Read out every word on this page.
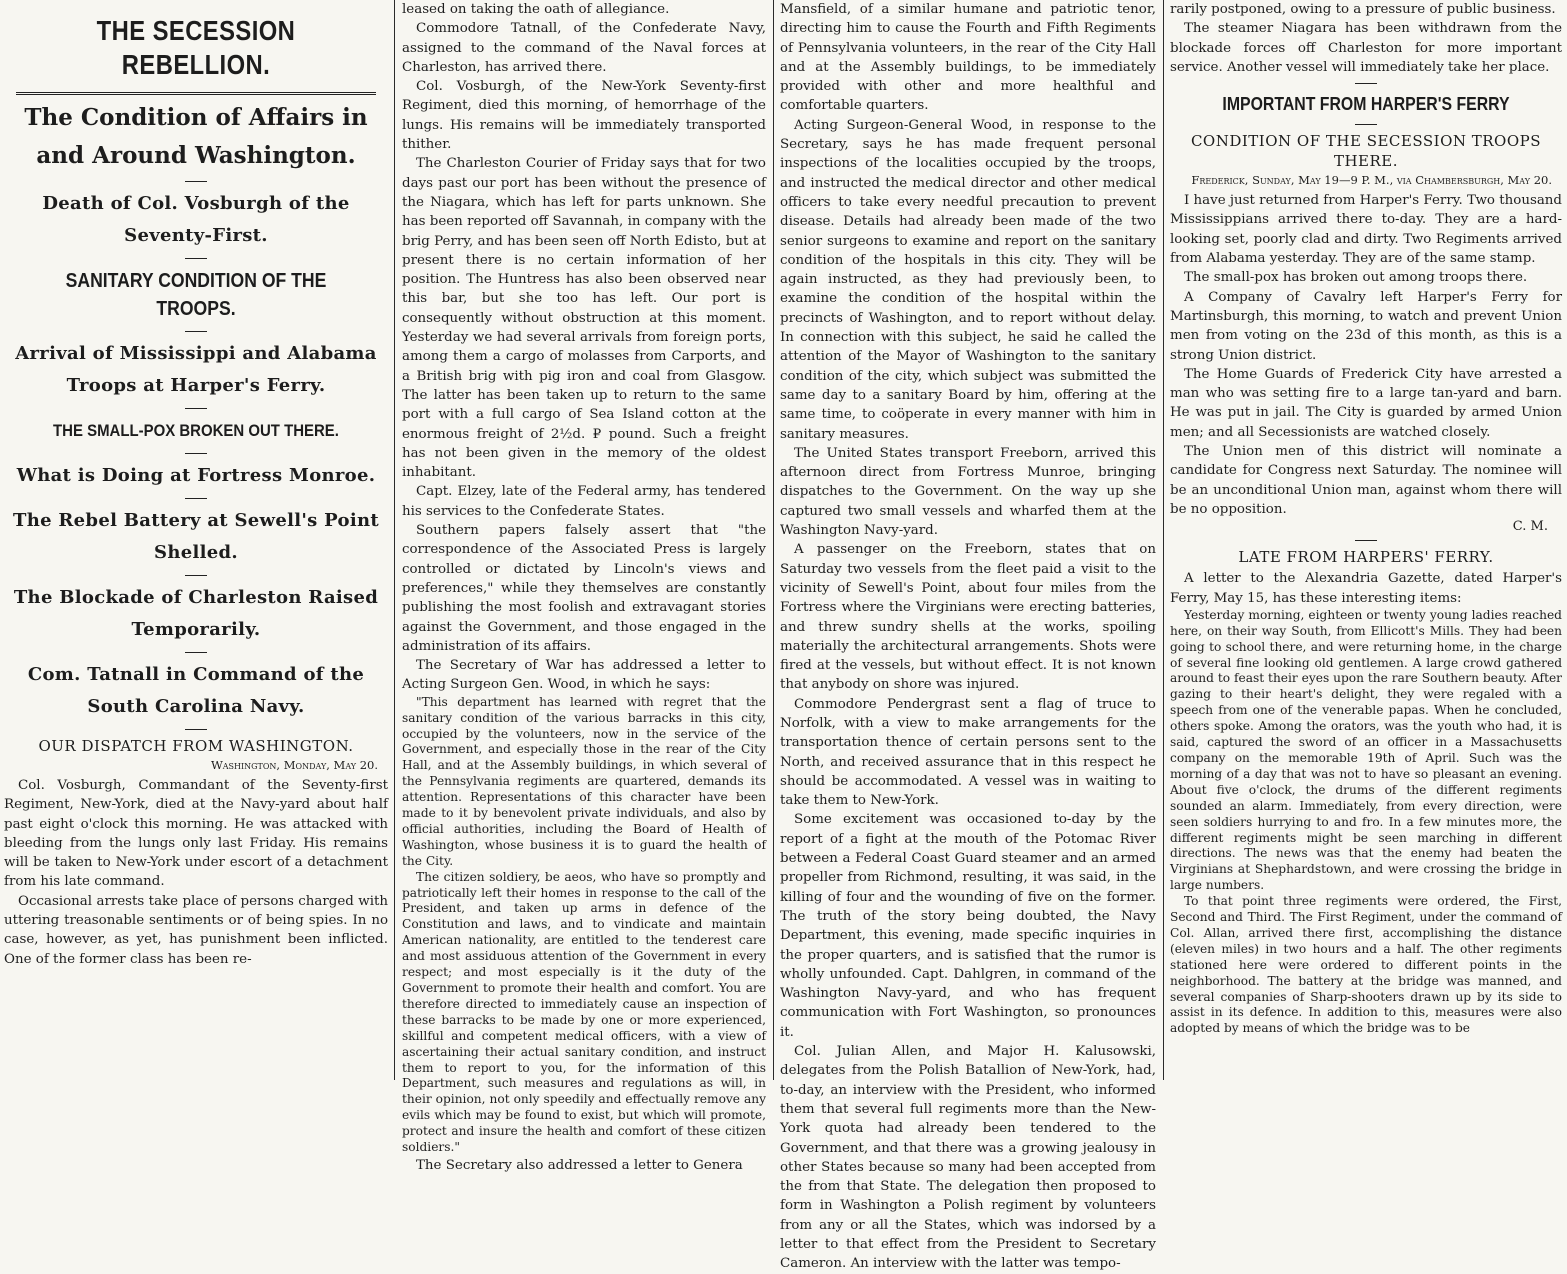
THE SECESSION REBELLION.
The Condition of Affairs in and Around Washington.
Death of Col. Vosburgh of the Seventy-First.
SANITARY CONDITION OF THE TROOPS.
Arrival of Mississippi and Alabama Troops at Harper's Ferry.
THE SMALL-POX BROKEN OUT THERE.
What is Doing at Fortress Monroe.
The Rebel Battery at Sewell's Point Shelled.
The Blockade of Charleston Raised Temporarily.
Com. Tatnall in Command of the South Carolina Navy.
OUR DISPATCH FROM WASHINGTON.
Washington, Monday, May 20.

Col. Vosburgh, Commandant of the Seventy-first Regiment, New-York, died at the Navy-yard about half past eight o'clock this morning. He was attacked with bleeding from the lungs only last Friday. His remains will be taken to New-York under escort of a detachment from his late command.

Occasional arrests take place of persons charged with uttering treasonable sentiments or of being spies. In no case, however, as yet, has punishment been inflicted. One of the former class has been re-

leased on taking the oath of allegiance.

Commodore Tatnall, of the Confederate Navy, assigned to the command of the Naval forces at Charleston, has arrived there.

Col. Vosburgh, of the New-York Seventy-first Regiment, died this morning, of hemorrhage of the lungs. His remains will be immediately transported thither.

The Charleston Courier of Friday says that for two days past our port has been without the presence of the Niagara, which has left for parts unknown. She has been reported off Savannah, in company with the brig Perry, and has been seen off North Edisto, but at present there is no certain information of her position. The Huntress has also been observed near this bar, but she too has left. Our port is consequently without obstruction at this moment. Yesterday we had several arrivals from foreign ports, among them a cargo of molasses from Carports, and a British brig with pig iron and coal from Glasgow. The latter has been taken up to return to the same port with a full cargo of Sea Island cotton at the enormous freight of 2½d. ₽ pound. Such a freight has not been given in the memory of the oldest inhabitant.

Capt. Elzey, late of the Federal army, has tendered his services to the Confederate States.

Southern papers falsely assert that "the correspondence of the Associated Press is largely controlled or dictated by Lincoln's views and preferences," while they themselves are constantly publishing the most foolish and extravagant stories against the Government, and those engaged in the administration of its affairs.

The Secretary of War has addressed a letter to Acting Surgeon Gen. Wood, in which he says:

"This department has learned with regret that the sanitary condition of the various barracks in this city, occupied by the volunteers, now in the service of the Government, and especially those in the rear of the City Hall, and at the Assembly buildings, in which several of the Pennsylvania regiments are quartered, demands its attention. Representations of this character have been made to it by benevolent private individuals, and also by official authorities, including the Board of Health of Washington, whose business it is to guard the health of the City.

The citizen soldiery, be aeos, who have so promptly and patriotically left their homes in response to the call of the President, and taken up arms in defence of the Constitution and laws, and to vindicate and maintain American nationality, are entitled to the tenderest care and most assiduous attention of the Government in every respect; and most especially is it the duty of the Government to promote their health and comfort. You are therefore directed to immediately cause an inspection of these barracks to be made by one or more experienced, skillful and competent medical officers, with a view of ascertaining their actual sanitary condition, and instruct them to report to you, for the information of this Department, such measures and regulations as will, in their opinion, not only speedily and effectually remove any evils which may be found to exist, but which will promote, protect and insure the health and comfort of these citizen soldiers."

The Secretary also addressed a letter to Genera

Mansfield, of a similar humane and patriotic tenor, directing him to cause the Fourth and Fifth Regiments of Pennsylvania volunteers, in the rear of the City Hall and at the Assembly buildings, to be immediately provided with other and more healthful and comfortable quarters.

Acting Surgeon-General Wood, in response to the Secretary, says he has made frequent personal inspections of the localities occupied by the troops, and instructed the medical director and other medical officers to take every needful precaution to prevent disease. Details had already been made of the two senior surgeons to examine and report on the sanitary condition of the hospitals in this city. They will be again instructed, as they had previously been, to examine the condition of the hospital within the precincts of Washington, and to report without delay. In connection with this subject, he said he called the attention of the Mayor of Washington to the sanitary condition of the city, which subject was submitted the same day to a sanitary Board by him, offering at the same time, to coöperate in every manner with him in sanitary measures.

The United States transport Freeborn, arrived this afternoon direct from Fortress Munroe, bringing dispatches to the Government. On the way up she captured two small vessels and wharfed them at the Washington Navy-yard.

A passenger on the Freeborn, states that on Saturday two vessels from the fleet paid a visit to the vicinity of Sewell's Point, about four miles from the Fortress where the Virginians were erecting batteries, and threw sundry shells at the works, spoiling materially the architectural arrangements. Shots were fired at the vessels, but without effect. It is not known that anybody on shore was injured.

Commodore Pendergrast sent a flag of truce to Norfolk, with a view to make arrangements for the transportation thence of certain persons sent to the North, and received assurance that in this respect he should be accommodated. A vessel was in waiting to take them to New-York.

Some excitement was occasioned to-day by the report of a fight at the mouth of the Potomac River between a Federal Coast Guard steamer and an armed propeller from Richmond, resulting, it was said, in the killing of four and the wounding of five on the former. The truth of the story being doubted, the Navy Department, this evening, made specific inquiries in the proper quarters, and is satisfied that the rumor is wholly unfounded. Capt. Dahlgren, in command of the Washington Navy-yard, and who has frequent communication with Fort Washington, so pronounces it.

Col. Julian Allen, and Major H. Kalusowski, delegates from the Polish Batallion of New-York, had, to-day, an interview with the President, who informed them that several full regiments more than the New-York quota had already been tendered to the Government, and that there was a growing jealousy in other States because so many had been accepted from the from that State. The delegation then proposed to form in Washington a Polish regiment by volunteers from any or all the States, which was indorsed by a letter to that effect from the President to Secretary Cameron. An interview with the latter was tempo-

rarily postponed, owing to a pressure of public business.

The steamer Niagara has been withdrawn from the blockade forces off Charleston for more important service. Another vessel will immediately take her place.

IMPORTANT FROM HARPER'S FERRY
CONDITION OF THE SECESSION TROOPS THERE.
Frederick, Sunday, May 19—9 P. M., via Chambersburgh, May 20.

I have just returned from Harper's Ferry. Two thousand Mississippians arrived there to-day. They are a hard-looking set, poorly clad and dirty. Two Regiments arrived from Alabama yesterday. They are of the same stamp.

The small-pox has broken out among troops there.

A Company of Cavalry left Harper's Ferry for Martinsburgh, this morning, to watch and prevent Union men from voting on the 23d of this month, as this is a strong Union district.

The Home Guards of Frederick City have arrested a man who was setting fire to a large tan-yard and barn. He was put in jail. The City is guarded by armed Union men; and all Secessionists are watched closely.

The Union men of this district will nominate a candidate for Congress next Saturday. The nominee will be an unconditional Union man, against whom there will be no opposition.

C. M.
LATE FROM HARPERS' FERRY.

A letter to the Alexandria Gazette, dated Harper's Ferry, May 15, has these interesting items:

Yesterday morning, eighteen or twenty young ladies reached here, on their way South, from Ellicott's Mills. They had been going to school there, and were returning home, in the charge of several fine looking old gentlemen. A large crowd gathered around to feast their eyes upon the rare Southern beauty. After gazing to their heart's delight, they were regaled with a speech from one of the venerable papas. When he concluded, others spoke. Among the orators, was the youth who had, it is said, captured the sword of an officer in a Massachusetts company on the memorable 19th of April. Such was the morning of a day that was not to have so pleasant an evening. About five o'clock, the drums of the different regiments sounded an alarm. Immediately, from every direction, were seen soldiers hurrying to and fro. In a few minutes more, the different regiments might be seen marching in different directions. The news was that the enemy had beaten the Virginians at Shephardstown, and were crossing the bridge in large numbers.

To that point three regiments were ordered, the First, Second and Third. The First Regiment, under the command of Col. Allan, arrived there first, accomplishing the distance (eleven miles) in two hours and a half. The other regiments stationed here were ordered to different points in the neighborhood. The battery at the bridge was manned, and several companies of Sharp-shooters drawn up by its side to assist in its defence. In addition to this, measures were also adopted by means of which the bridge was to be
